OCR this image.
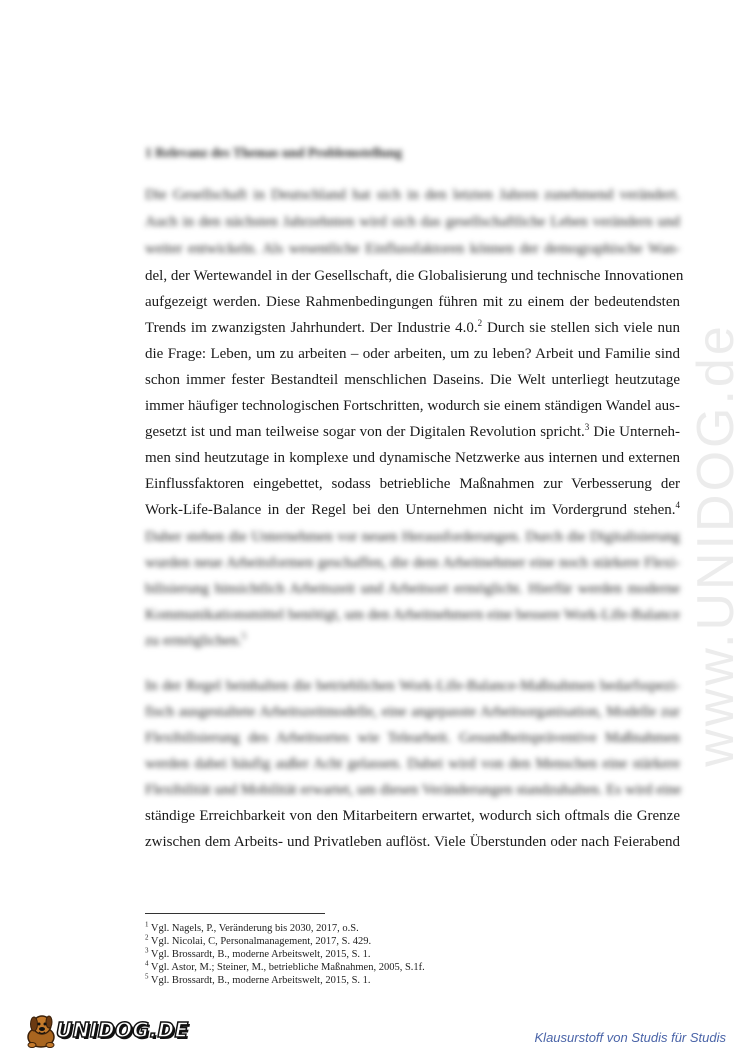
www.UNIDOG.de
1 Relevanz des Themas und Problemstellung
Die Gesellschaft in Deutschland hat sich in den letzten Jahren zunehmend verändert.
Auch in den nächsten Jahrzehnten wird sich das gesellschaftliche Leben verändern und
weiter entwickeln. Als wesentliche Einflussfaktoren können der demographische Wan-
del, der Wertewandel in der Gesellschaft, die Globalisierung und technische Innovationen
aufgezeigt werden. Diese Rahmenbedingungen führen mit zu einem der bedeutendsten
Trends im zwanzigsten Jahrhundert. Der Industrie 4.0.$^2$ Durch sie stellen sich viele nun
die Frage: Leben, um zu arbeiten – oder arbeiten, um zu leben? Arbeit und Familie sind
schon immer fester Bestandteil menschlichen Daseins. Die Welt unterliegt heutzutage
immer häufiger technologischen Fortschritten, wodurch sie einem ständigen Wandel aus-
gesetzt ist und man teilweise sogar von der Digitalen Revolution spricht.$^3$ Die Unterneh-
men sind heutzutage in komplexe und dynamische Netzwerke aus internen und externen
Einflussfaktoren eingebettet, sodass betriebliche Maßnahmen zur Verbesserung der
Work-Life-Balance in der Regel bei den Unternehmen nicht im Vordergrund stehen.$^4$
Daher stehen die Unternehmen vor neuen Herausforderungen. Durch die Digitalisierung
wurden neue Arbeitsformen geschaffen, die dem Arbeitnehmer eine noch stärkere Flexi-
bilisierung hinsichtlich Arbeitszeit und Arbeitsort ermöglicht. Hierfür werden moderne
Kommunikationsmittel benötigt, um den Arbeitnehmern eine bessere Work-Life-Balance
zu ermöglichen.$^5$
In der Regel beinhalten die betrieblichen Work-Life-Balance-Maßnahmen bedarfsspezi-
fisch ausgestaltete Arbeitszeitmodelle, eine angepasste Arbeitsorganisation, Modelle zur
Flexibilisierung des Arbeitsortes wie Telearbeit. Gesundheitspräventive Maßnahmen
werden dabei häufig außer Acht gelassen. Dabei wird von den Menschen eine stärkere
Flexibilität und Mobilität erwartet, um diesen Veränderungen standzuhalten. Es wird eine
ständige Erreichbarkeit von den Mitarbeitern erwartet, wodurch sich oftmals die Grenze
zwischen dem Arbeits- und Privatleben auflöst. Viele Überstunden oder nach Feierabend
$^1$ Vgl. Nagels, P., Veränderung bis 2030, 2017, o.S.
$^2$ Vgl. Nicolai, C, Personalmanagement, 2017, S. 429.
$^3$ Vgl. Brossardt, B., moderne Arbeitswelt, 2015, S. 1.
$^4$ Vgl. Astor, M.; Steiner, M., betriebliche Maßnahmen, 2005, S.1f.
$^5$ Vgl. Brossardt, B., moderne Arbeitswelt, 2015, S. 1.
UNIDOG.DE	Klausurstoff von Studis für Studis
